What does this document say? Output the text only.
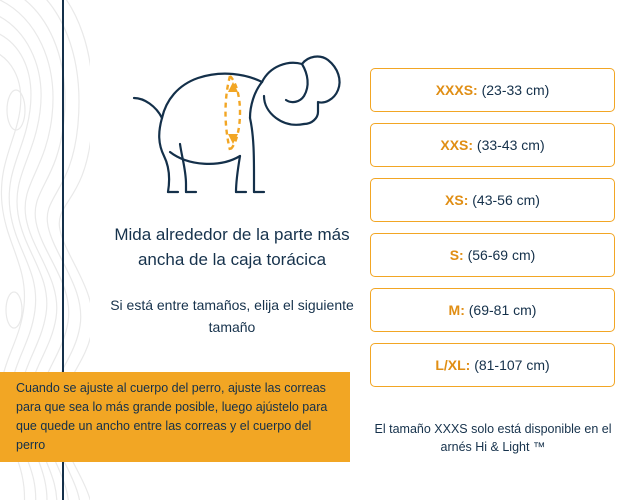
Mida alrededor de la parte más ancha de la caja torácica
Si está entre tamaños, elija el siguiente tamaño
Cuando se ajuste al cuerpo del perro, ajuste las correas para que sea lo más grande posible, luego ajústelo para que quede un ancho entre las correas y el cuerpo del perro
XXXS: (23-33 cm)
XXS: (33-43 cm)
XS: (43-56 cm)
S: (56-69 cm)
M: (69-81 cm)
L/XL: (81-107 cm)
El tamaño XXXS solo está disponible en el arnés Hi & Light ™
